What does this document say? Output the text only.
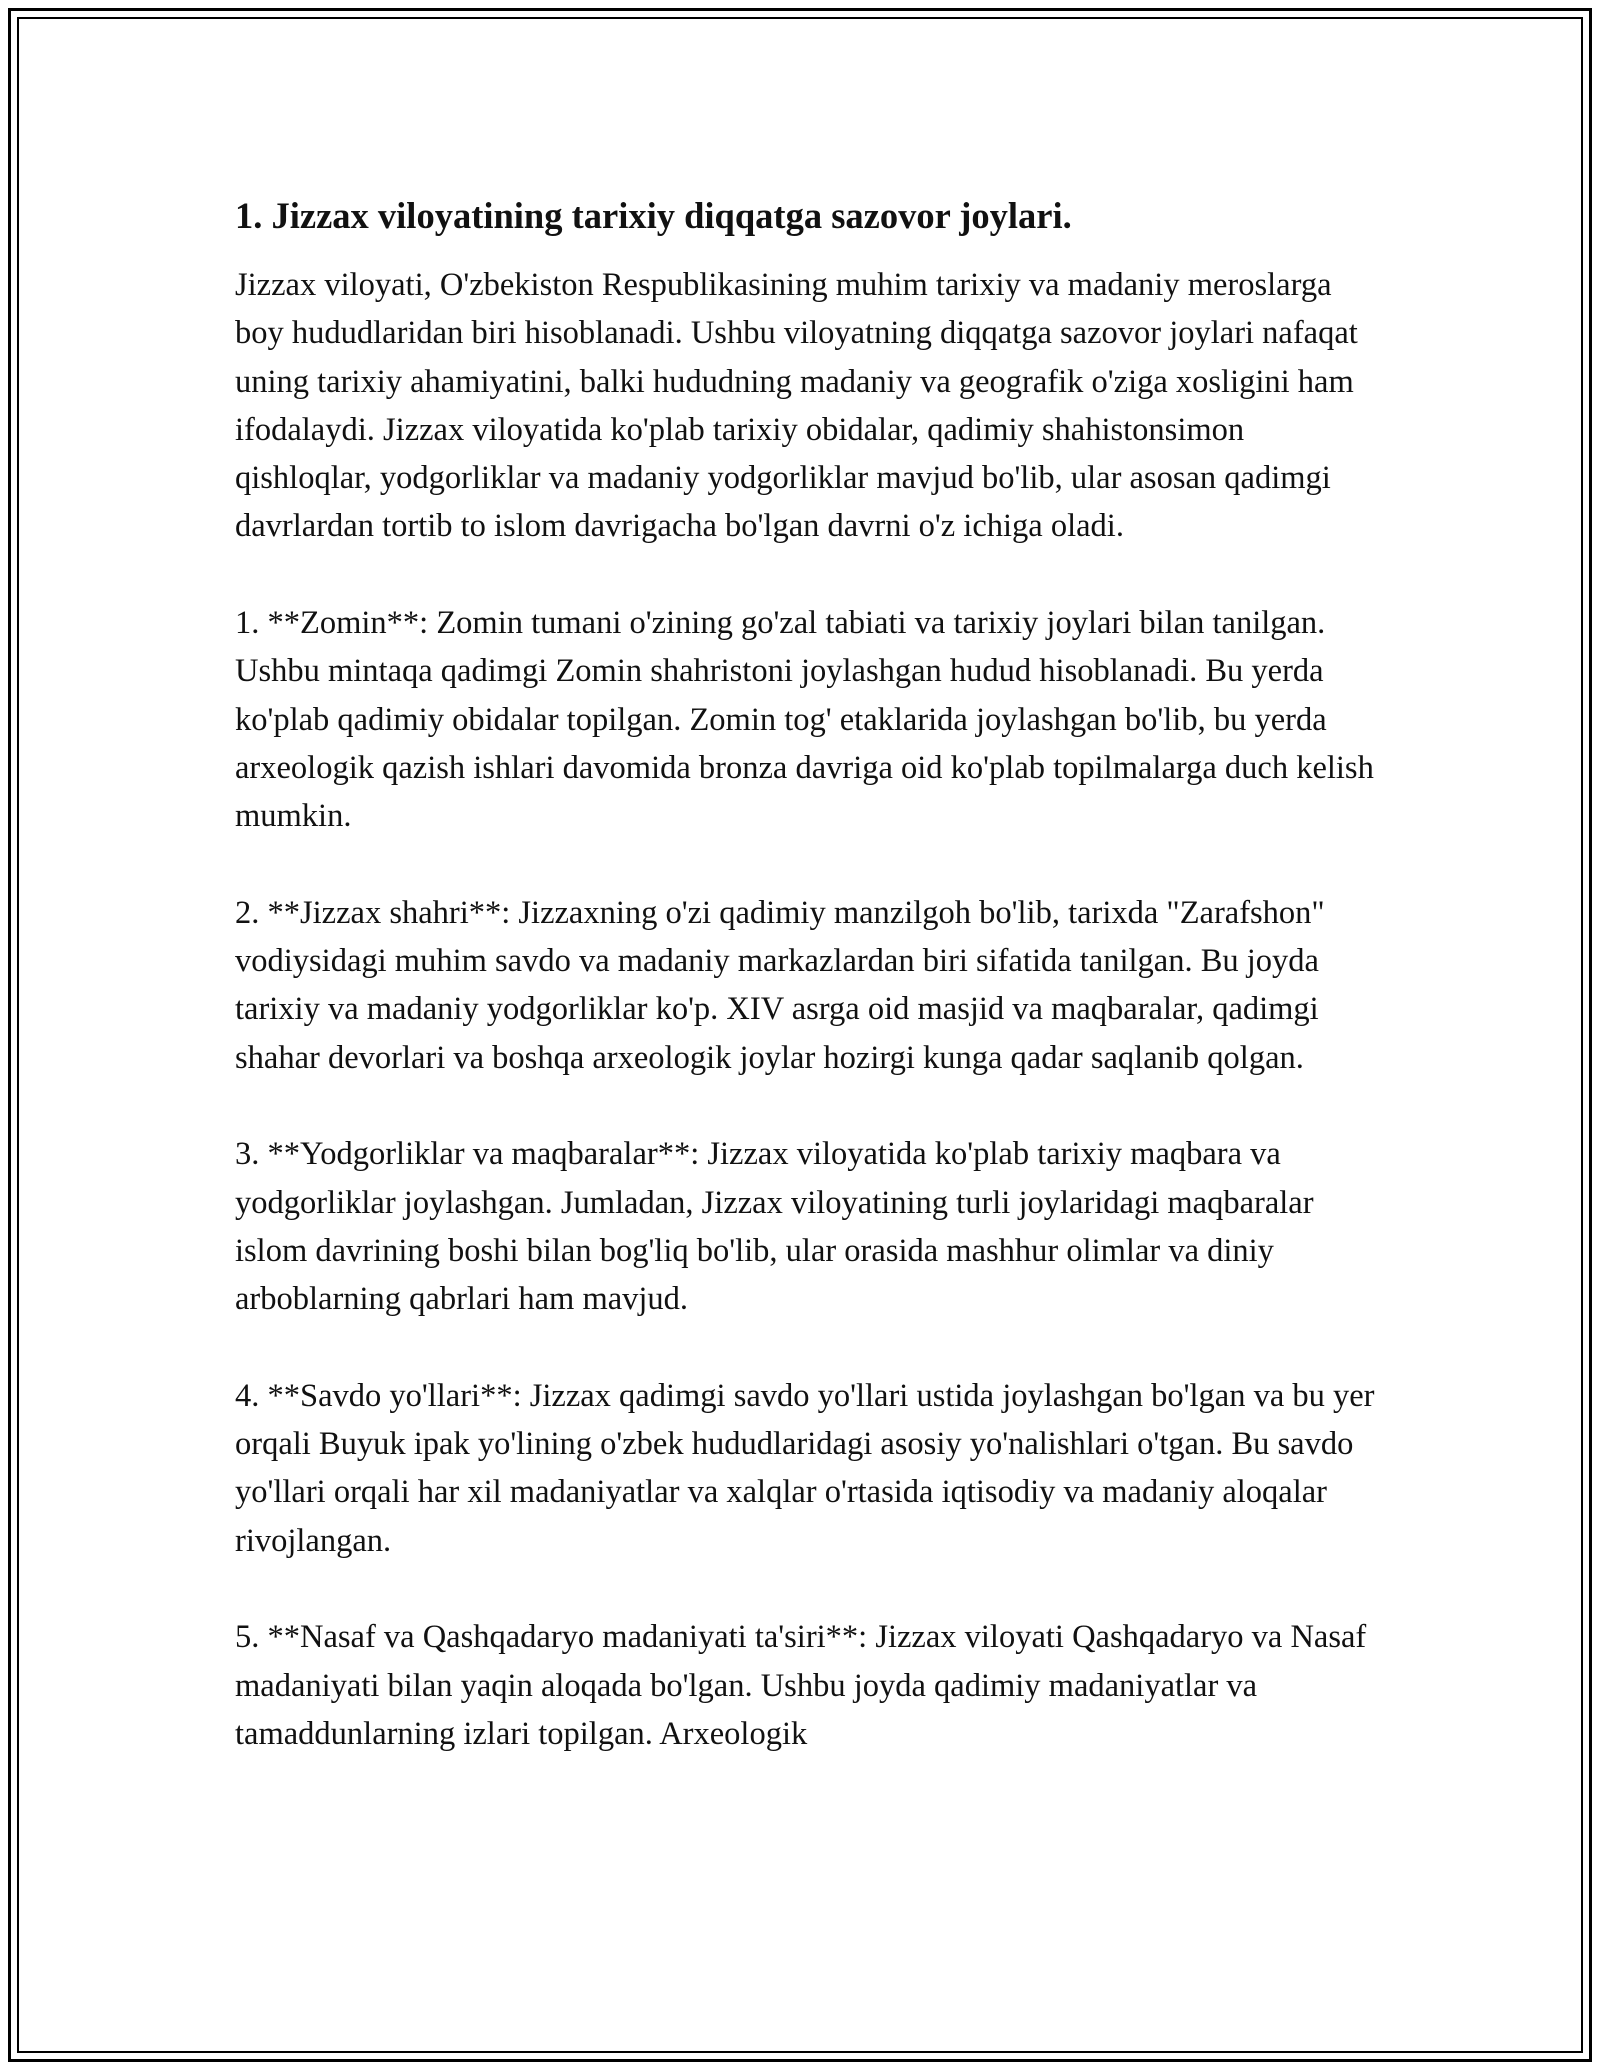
1. Jizzax viloyatining tarixiy diqqatga sazovor joylari.

Jizzax viloyati, O'zbekiston Respublikasining muhim tarixiy va madaniy meroslarga boy hududlaridan biri hisoblanadi. Ushbu viloyatning diqqatga sazovor joylari nafaqat uning tarixiy ahamiyatini, balki hududning madaniy va geografik o'ziga xosligini ham ifodalaydi. Jizzax viloyatida ko'plab tarixiy obidalar, qadimiy shahistonsimon qishloqlar, yodgorliklar va madaniy yodgorliklar mavjud bo'lib, ular asosan qadimgi davrlardan tortib to islom davrigacha bo'lgan davrni o'z ichiga oladi.

1. **Zomin**: Zomin tumani o'zining go'zal tabiati va tarixiy joylari bilan tanilgan. Ushbu mintaqa qadimgi Zomin shahristoni joylashgan hudud hisoblanadi. Bu yerda ko'plab qadimiy obidalar topilgan. Zomin tog' etaklarida joylashgan bo'lib, bu yerda arxeologik qazish ishlari davomida bronza davriga oid ko'plab topilmalarga duch kelish mumkin.

2. **Jizzax shahri**: Jizzaxning o'zi qadimiy manzilgoh bo'lib, tarixda "Zarafshon" vodiysidagi muhim savdo va madaniy markazlardan biri sifatida tanilgan. Bu joyda tarixiy va madaniy yodgorliklar ko'p. XIV asrga oid masjid va maqbaralar, qadimgi shahar devorlari va boshqa arxeologik joylar hozirgi kunga qadar saqlanib qolgan.

3. **Yodgorliklar va maqbaralar**: Jizzax viloyatida ko'plab tarixiy maqbara va yodgorliklar joylashgan. Jumladan, Jizzax viloyatining turli joylaridagi maqbaralar islom davrining boshi bilan bog'liq bo'lib, ular orasida mashhur olimlar va diniy arboblarning qabrlari ham mavjud.

4. **Savdo yo'llari**: Jizzax qadimgi savdo yo'llari ustida joylashgan bo'lgan va bu yer orqali Buyuk ipak yo'lining o'zbek hududlaridagi asosiy yo'nalishlari o'tgan. Bu savdo yo'llari orqali har xil madaniyatlar va xalqlar o'rtasida iqtisodiy va madaniy aloqalar rivojlangan.

5. **Nasaf va Qashqadaryo madaniyati ta'siri**: Jizzax viloyati Qashqadaryo va Nasaf madaniyati bilan yaqin aloqada bo'lgan. Ushbu joyda qadimiy madaniyatlar va tamaddunlarning izlari topilgan. Arxeologik
